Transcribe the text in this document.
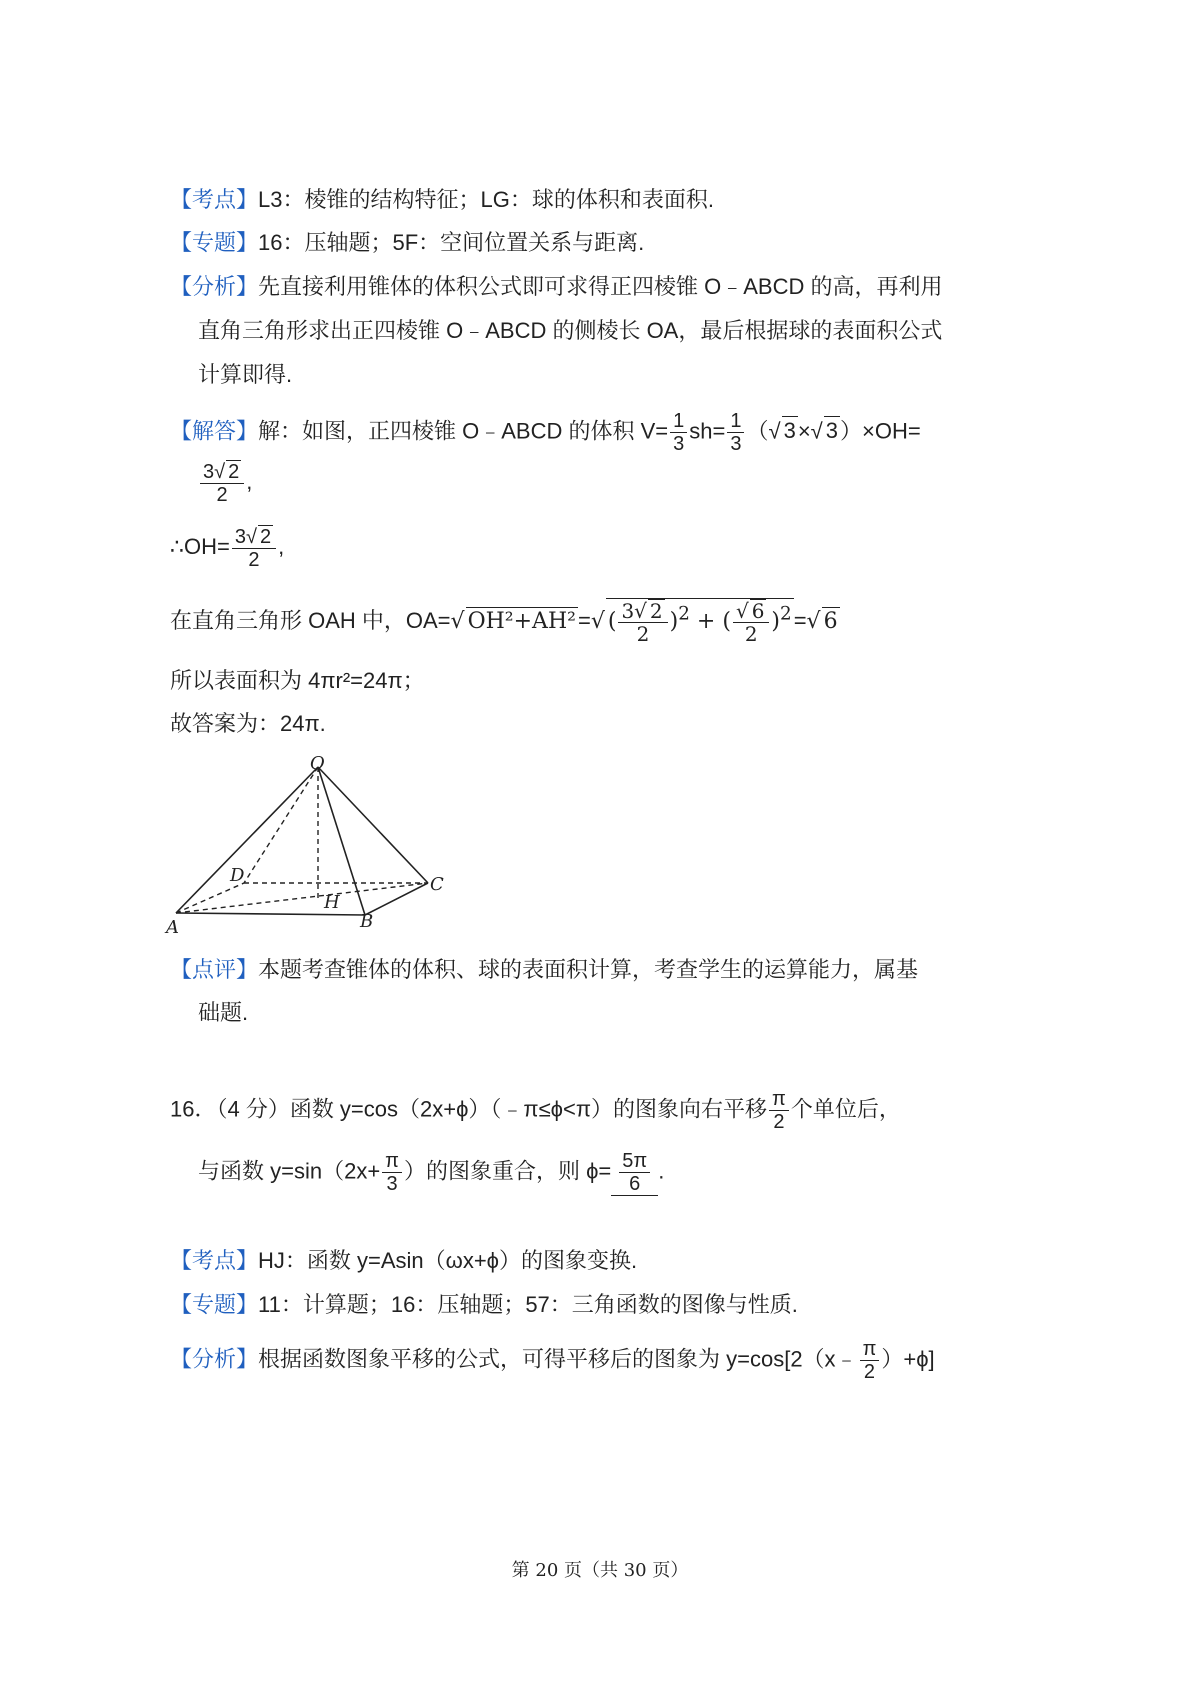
【考点】L3：棱锥的结构特征；LG：球的体积和表面积.
【专题】16：压轴题；5F：空间位置关系与距离.
【分析】先直接利用锥体的体积公式即可求得正四棱锥 O﹣ABCD 的高，再利用
直角三角形求出正四棱锥 O﹣ABCD 的侧棱长 OA，最后根据球的表面积公式
计算即得.
【解答】解：如图，正四棱锥 O﹣ABCD 的体积 $V= \frac{1}{3} sh= \frac{1}{3}$ （√ 3×√ 3）×OH=
$\frac{3√ 2}{2}$ ,
∴OH= $\frac{3√ 2}{2}$ ,
在直角三角形 OAH 中，OA=√ OH²+AH²=√ ( $\frac{3√ 2}{2} )^2$ + ( $\frac{√ 6}{2} )^2=√$ 6
所以表面积为 4πr²=24π；
故答案为：24π.
O
D	C
H
A	B
【点评】本题考查锥体的体积、球的表面积计算，考查学生的运算能力，属基
础题.
16．（4 分）函数 y=cos（2x+ϕ）（﹣π≤ϕ<π）的图象向右平移 $\frac{\pi}{2}$ 个单位后，
与函数 $y=\sin(2x+ \frac{\pi}{3}$ ）的图象重合，则 $\phi= \frac{5\pi}{6}$ .
【考点】HJ：函数 y=Asin（ωx+ϕ）的图象变换.
【专题】11：计算题；16：压轴题；57：三角函数的图像与性质.
【分析】根据函数图象平移的公式，可得平移后的图象为 y=cos[2（x﹣ $\frac{\pi}{2} )+\phi$]
第 20 页（共 30 页）
